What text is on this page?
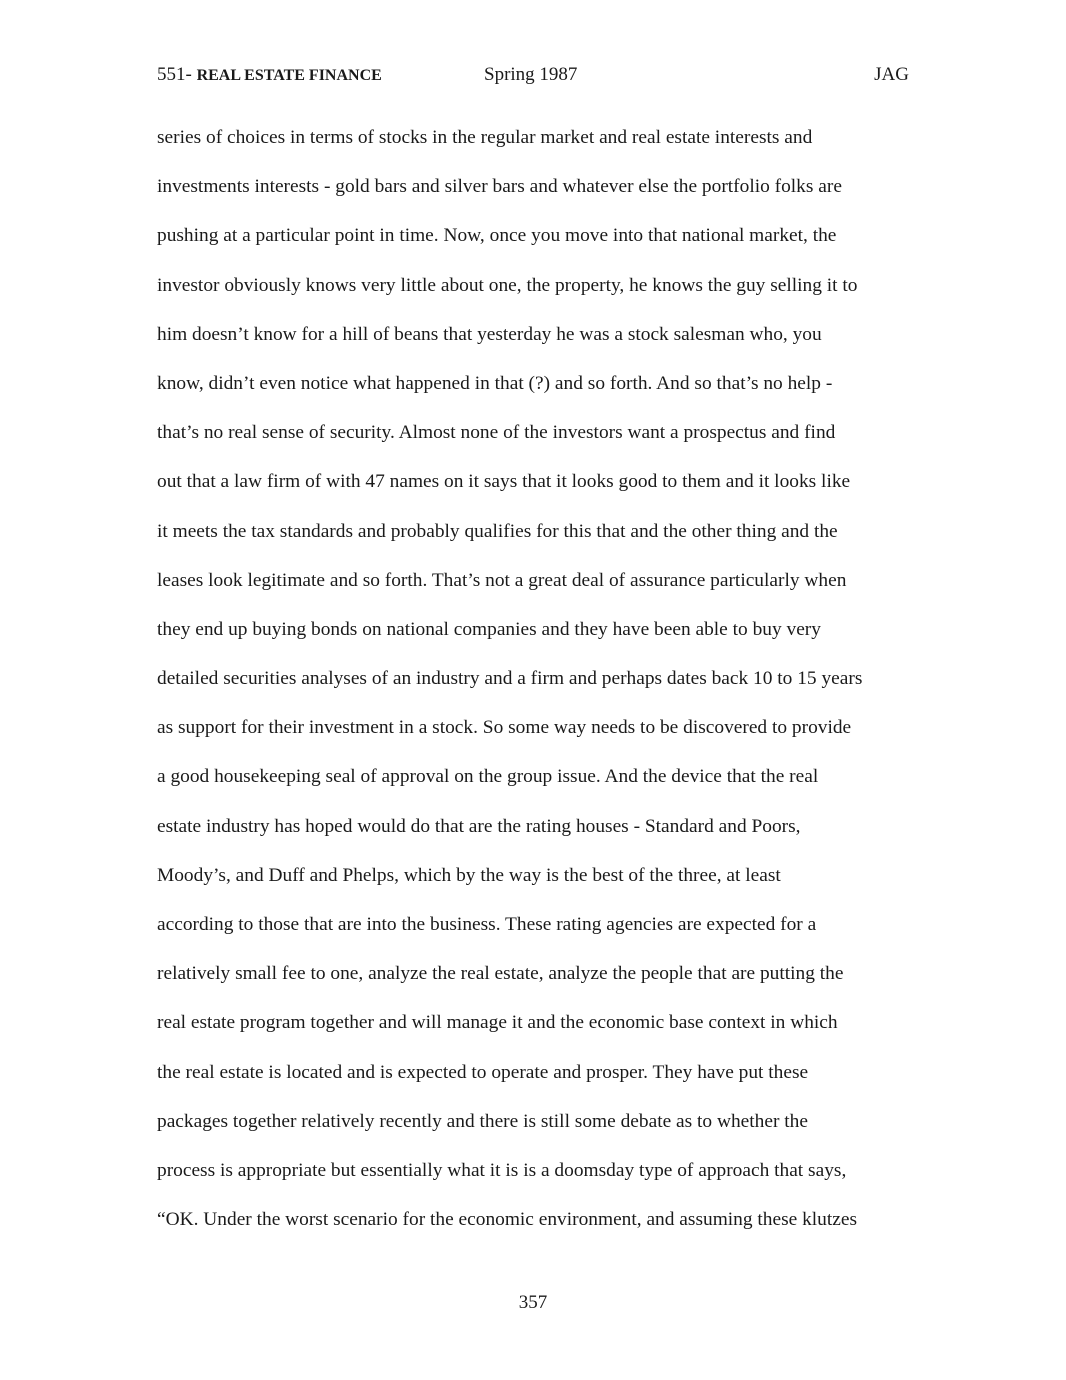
551- REAL ESTATE FINANCE	Spring 1987	JAG
series of choices in terms of stocks in the regular market and real estate interests and
investments interests - gold bars and silver bars and whatever else the portfolio folks are
pushing at a particular point in time. Now, once you move into that national market, the
investor obviously knows very little about one, the property, he knows the guy selling it to
him doesn’t know for a hill of beans that yesterday he was a stock salesman who, you
know, didn’t even notice what happened in that (?) and so forth. And so that’s no help -
that’s no real sense of security. Almost none of the investors want a prospectus and find
out that a law firm of with 47 names on it says that it looks good to them and it looks like
it meets the tax standards and probably qualifies for this that and the other thing and the
leases look legitimate and so forth. That’s not a great deal of assurance particularly when
they end up buying bonds on national companies and they have been able to buy very
detailed securities analyses of an industry and a firm and perhaps dates back 10 to 15 years
as support for their investment in a stock. So some way needs to be discovered to provide
a good housekeeping seal of approval on the group issue. And the device that the real
estate industry has hoped would do that are the rating houses - Standard and Poors,
Moody’s, and Duff and Phelps, which by the way is the best of the three, at least
according to those that are into the business. These rating agencies are expected for a
relatively small fee to one, analyze the real estate, analyze the people that are putting the
real estate program together and will manage it and the economic base context in which
the real estate is located and is expected to operate and prosper. They have put these
packages together relatively recently and there is still some debate as to whether the
process is appropriate but essentially what it is is a doomsday type of approach that says,
“OK. Under the worst scenario for the economic environment, and assuming these klutzes
357
